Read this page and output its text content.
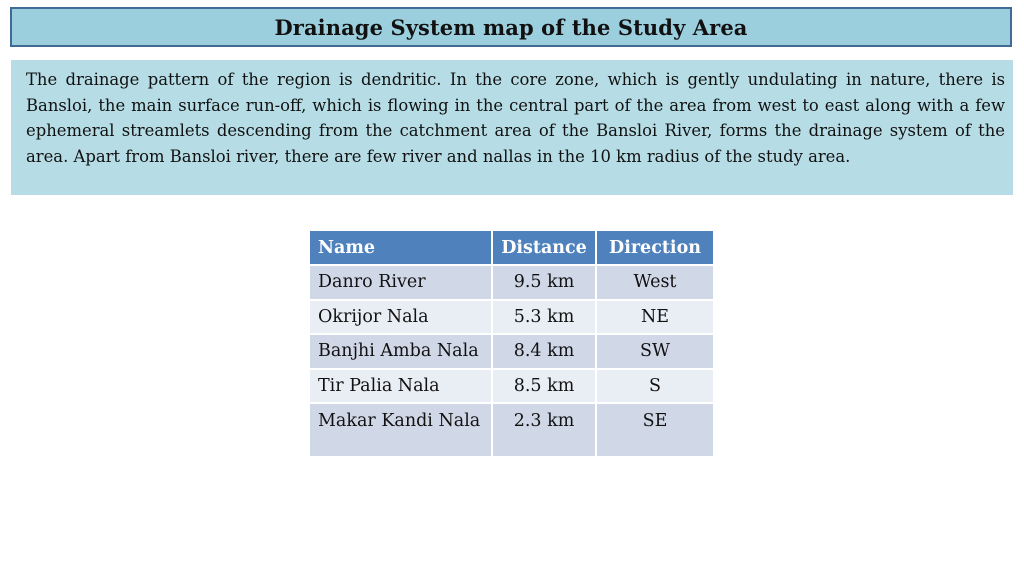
Drainage System map of the Study Area

The drainage pattern of the region is dendritic. In the core zone, which is gently undulating in nature, there is Bansloi, the main surface run-off, which is flowing in the central part of the area from west to east along with a few ephemeral streamlets descending from the catchment area of the Bansloi River, forms the drainage system of the area. Apart from Bansloi river, there are few river and nallas in the 10 km radius of the study area.

Name	Distance	Direction
Danro River	9.5 km	West
Okrijor Nala	5.3 km	NE
Banjhi Amba Nala	8.4 km	SW
Tir Palia Nala	8.5 km	S
Makar Kandi Nala	2.3 km	SE
